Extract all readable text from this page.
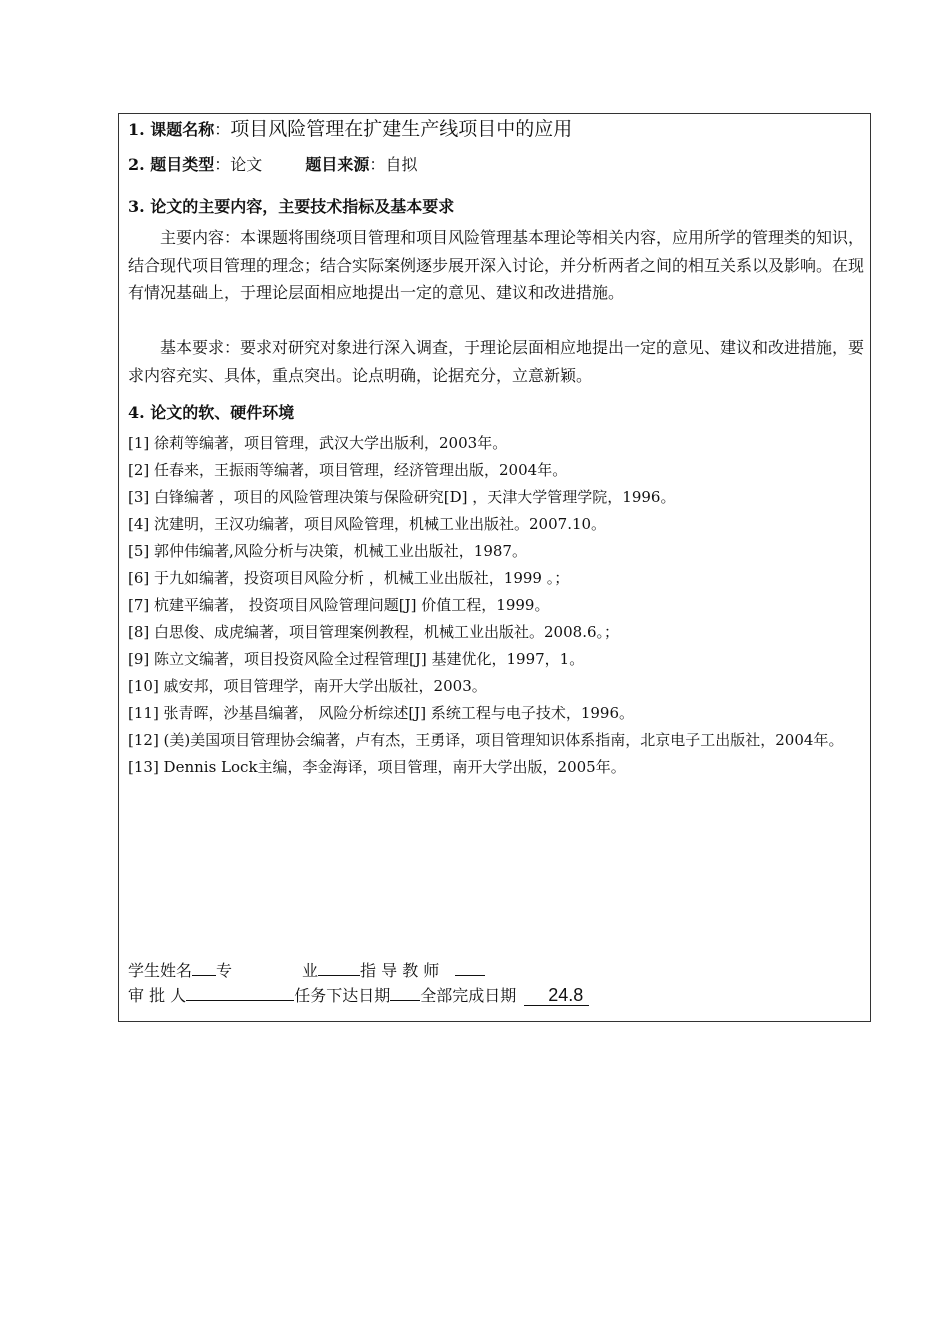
1. 课题名称：项目风险管理在扩建生产线项目中的应用
2. 题目类型：论文	题目来源：自拟
3. 论文的主要内容，主要技术指标及基本要求
主要内容：本课题将围绕项目管理和项目风险管理基本理论等相关内容，应用所学的管理类的知识，结合现代项目管理的理念；结合实际案例逐步展开深入讨论，并分析两者之间的相互关系以及影响。在现有情况基础上，于理论层面相应地提出一定的意见、建议和改进措施。
基本要求：要求对研究对象进行深入调查，于理论层面相应地提出一定的意见、建议和改进措施，要求内容充实、具体，重点突出。论点明确，论据充分，立意新颖。
4. 论文的软、硬件环境
[1] 徐莉等编著，项目管理，武汉大学出版利，2003年。
[2] 任春来，王振雨等编著，项目管理，经济管理出版，2004年。
[3] 白锋编著 ，项目的风险管理决策与保险研究[D] ，天津大学管理学院，1996。
[4] 沈建明，王汉功编著，项目风险管理，机械工业出版社。2007.10。
[5] 郭仲伟编著,风险分析与决策，机械工业出版社，1987。
[6] 于九如编著，投资项目风险分析 ，机械工业出版社，1999 。；
[7] 杭建平编著， 投资项目风险管理问题[J] 价值工程，1999。
[8] 白思俊、成虎编著，项目管理案例教程，机械工业出版社。2008.6。；
[9] 陈立文编著，项目投资风险全过程管理[J] 基建优化，1997，1。
[10] 戚安邦，项目管理学，南开大学出版社，2003。
[11] 张青晖，沙基昌编著， 风险分析综述[J] 系统工程与电子技术，1996。
[12] (美)美国项目管理协会编著，卢有杰，王勇译，项目管理知识体系指南，北京电子工出版社，2004年。
[13] Dennis Lock主编，李金海译，项目管理，南开大学出版，2005年。
学生姓名 专	业	指 导 教 师
审 批 人	任务下达日期 全部完成日期 24.8
